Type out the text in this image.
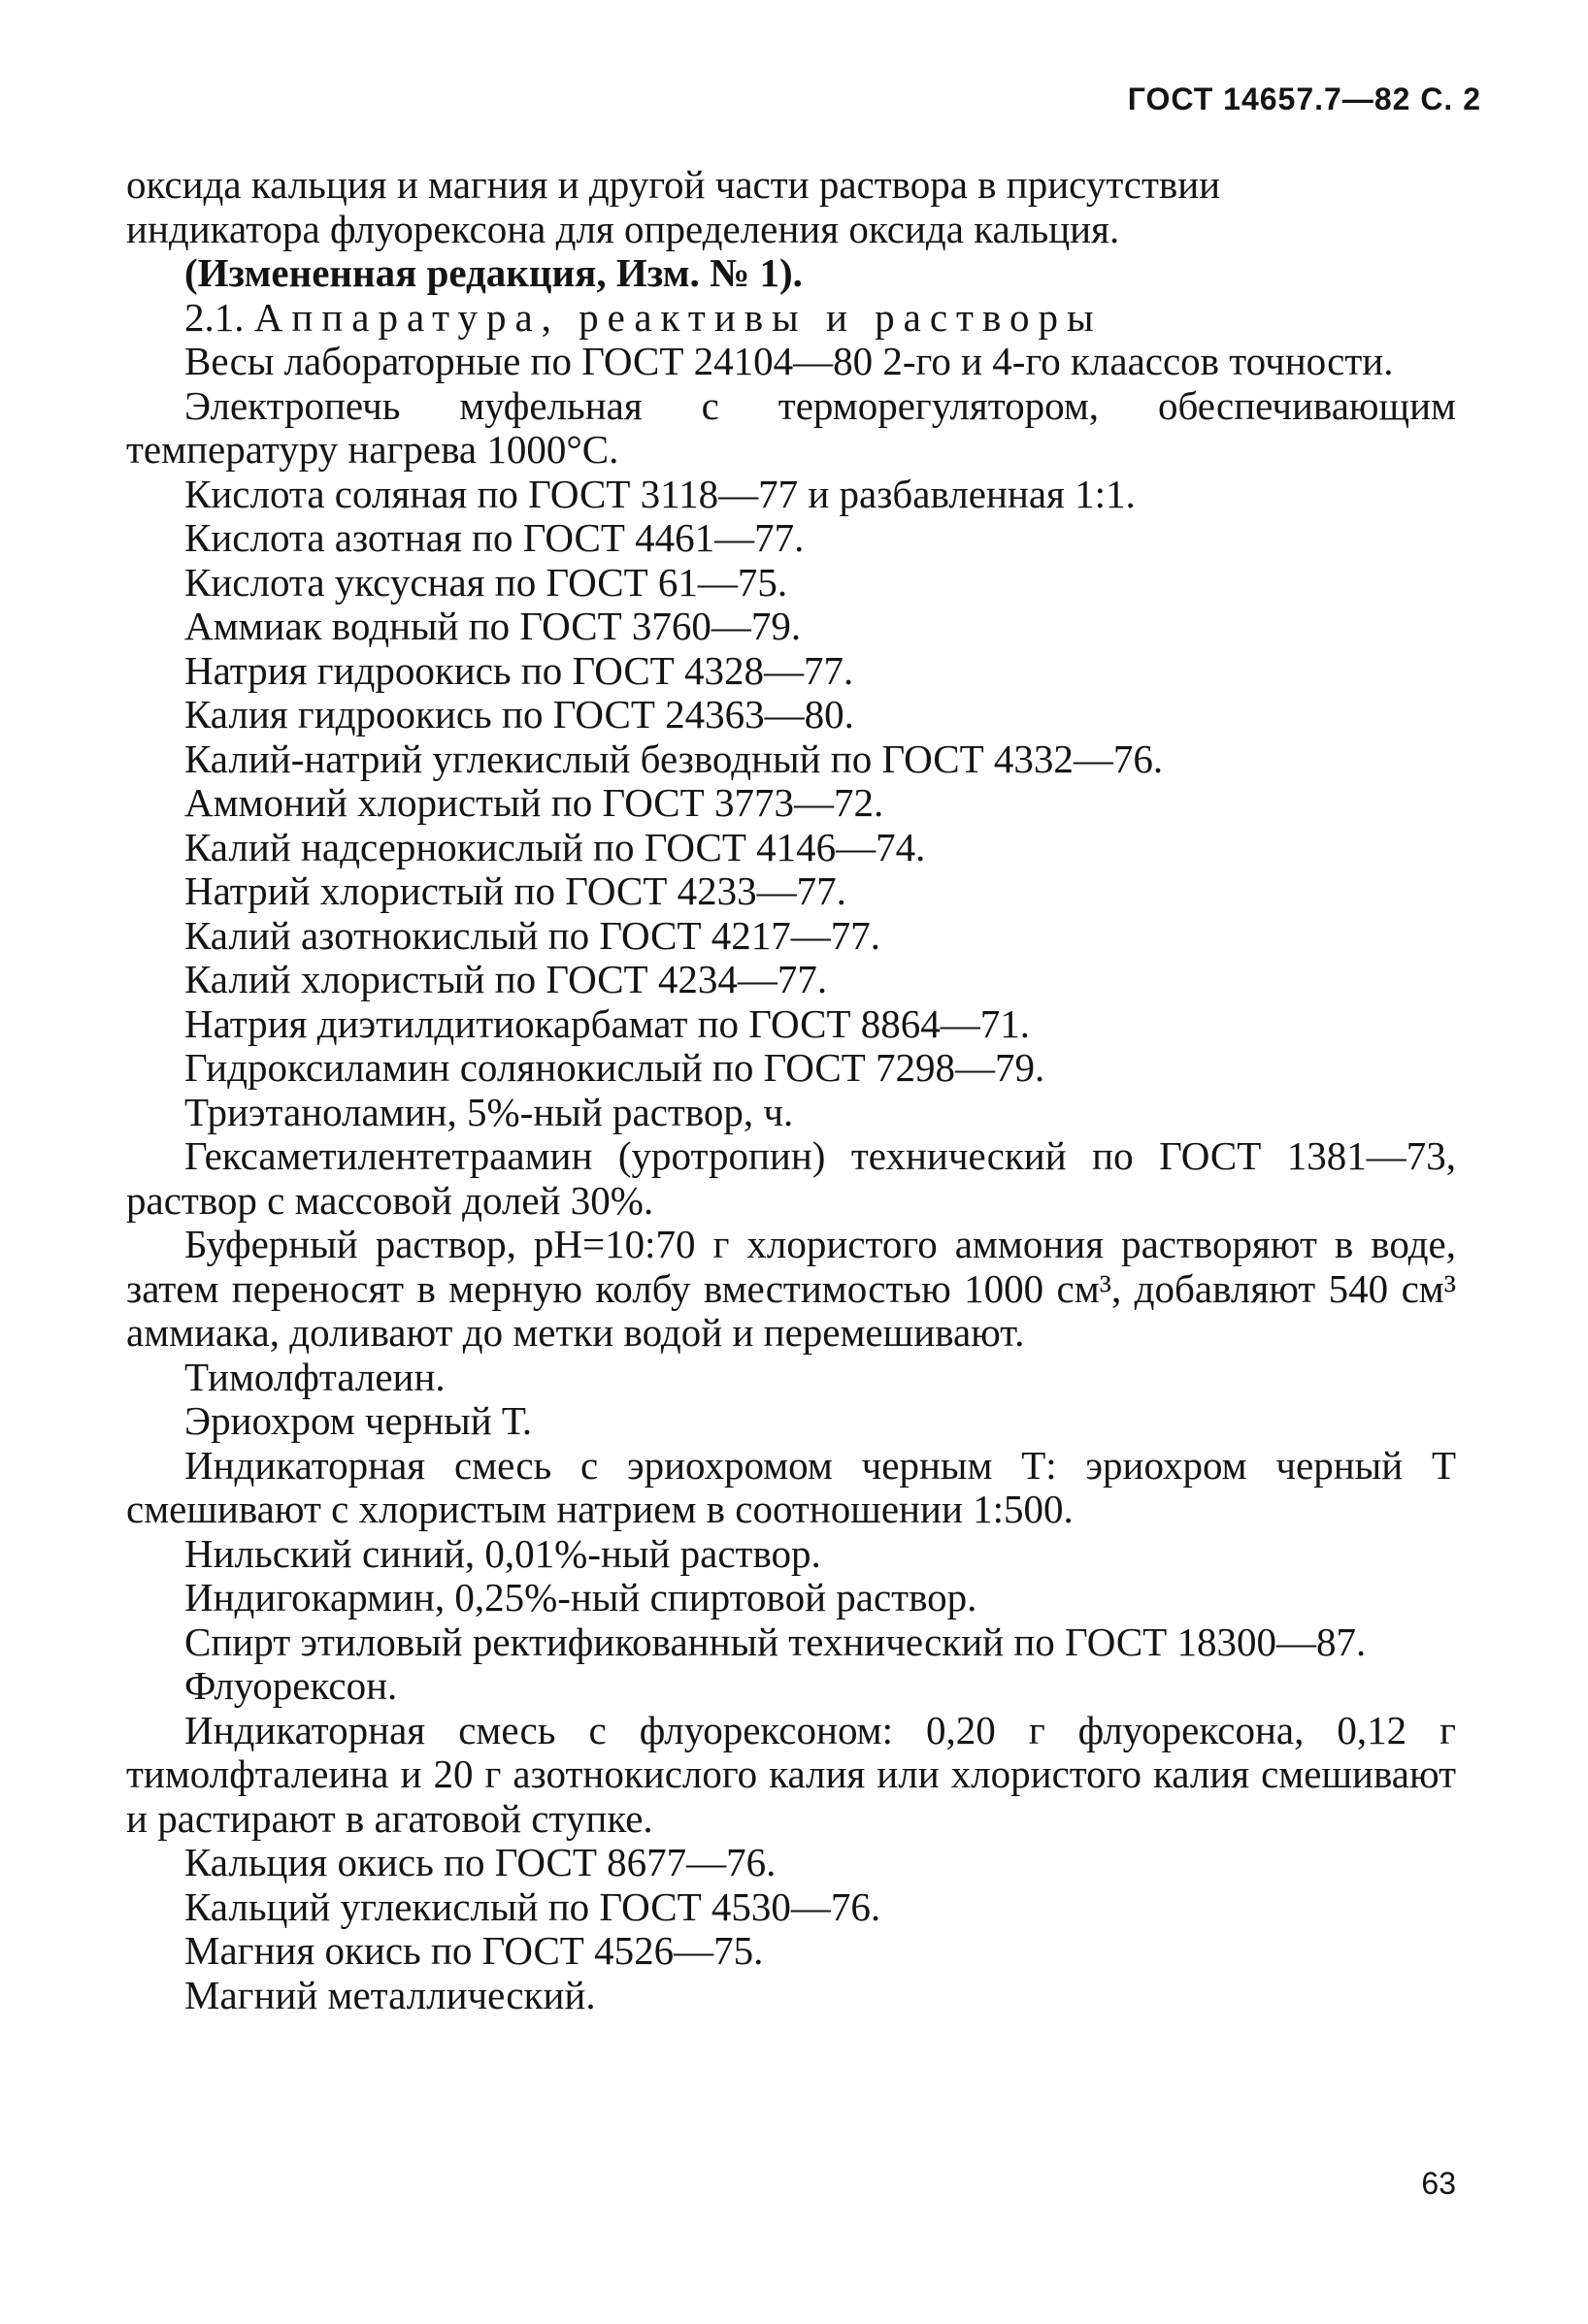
ГОСТ 14657.7—82 С. 2

оксида кальция и магния и другой части раствора в присутствии
индикатора флуорексона для определения оксида кальция.

(Измененная редакция, Изм. № 1).

2.1. Аппаратура, реактивы и растворы

Весы лабораторные по ГОСТ 24104—80 2-го и 4-го клаассов точности.

Электропечь муфельная с терморегулятором, обеспечивающим температуру нагрева 1000°С.

Кислота соляная по ГОСТ 3118—77 и разбавленная 1:1.

Кислота азотная по ГОСТ 4461—77.

Кислота уксусная по ГОСТ 61—75.

Аммиак водный по ГОСТ 3760—79.

Натрия гидроокись по ГОСТ 4328—77.

Калия гидроокись по ГОСТ 24363—80.

Калий-натрий углекислый безводный по ГОСТ 4332—76.

Аммоний хлористый по ГОСТ 3773—72.

Калий надсернокислый по ГОСТ 4146—74.

Натрий хлористый по ГОСТ 4233—77.

Калий азотнокислый по ГОСТ 4217—77.

Калий хлористый по ГОСТ 4234—77.

Натрия диэтилдитиокарбамат по ГОСТ 8864—71.

Гидроксиламин солянокислый по ГОСТ 7298—79.

Триэтаноламин, 5%-ный раствор, ч.

Гексаметилентетраамин (уротропин) технический по ГОСТ 1381—73, раствор с массовой долей 30%.

Буферный раствор, рН=10:70 г хлористого аммония растворяют в воде, затем переносят в мерную колбу вместимостью 1000 см³, добавляют 540 см³ аммиака, доливают до метки водой и перемешивают.

Тимолфталеин.

Эриохром черный Т.

Индикаторная смесь с эриохромом черным Т: эриохром черный Т смешивают с хлористым натрием в соотношении 1:500.

Нильский синий, 0,01%-ный раствор.

Индигокармин, 0,25%-ный спиртовой раствор.

Спирт этиловый ректификованный технический по ГОСТ 18300—87.

Флуорексон.

Индикаторная смесь с флуорексоном: 0,20 г флуорексона, 0,12 г тимолфталеина и 20 г азотнокислого калия или хлористого калия смешивают и растирают в агатовой ступке.

Кальция окись по ГОСТ 8677—76.

Кальций углекислый по ГОСТ 4530—76.

Магния окись по ГОСТ 4526—75.

Магний металлический.

63
